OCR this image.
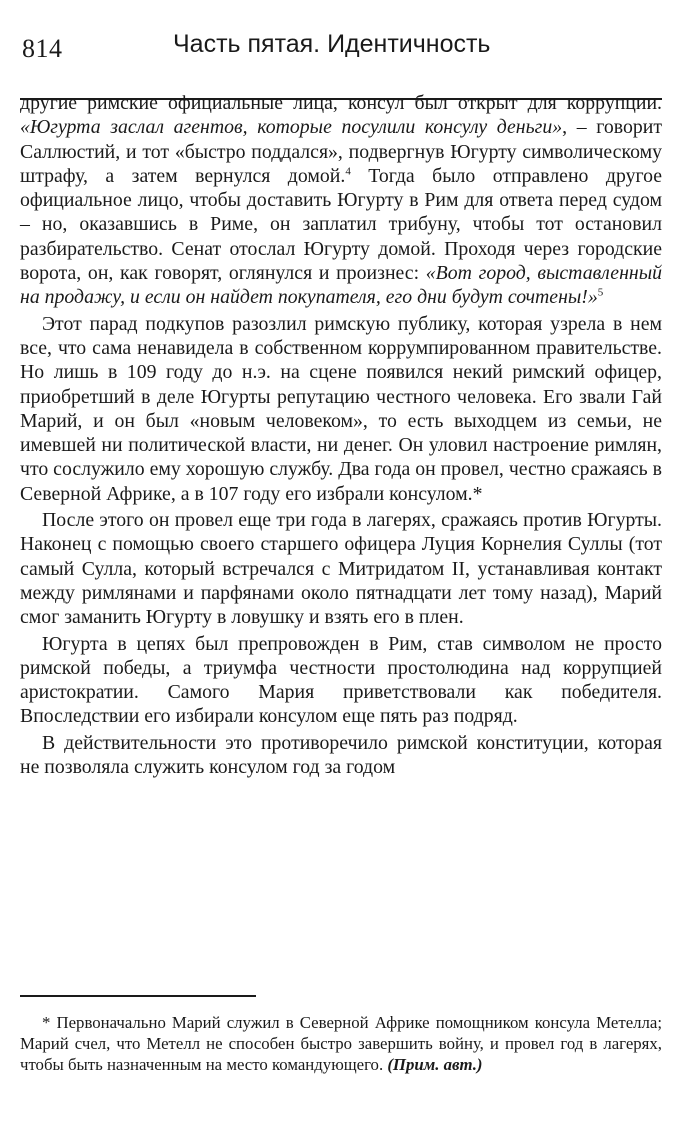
814	Часть пятая. Идентичность

другие римские официальные лица, консул был открыт для коррупции. «Югурта заслал агентов, которые посулили консулу деньги», – говорит Саллюстий, и тот «быстро поддался», подвергнув Югурту символическому штрафу, а затем вернулся домой.$^4$ Тогда было отправлено другое официальное лицо, чтобы доставить Югурту в Рим для ответа перед судом – но, оказавшись в Риме, он заплатил трибуну, чтобы тот остановил разбирательство. Сенат отослал Югурту домой. Проходя через городские ворота, он, как говорят, оглянулся и произнес: «Вот город, выставленный на продажу, и если он найдет покупателя, его дни будут сочтены!»$^5$

Этот парад подкупов разозлил римскую публику, которая узрела в нем все, что сама ненавидела в собственном коррумпированном правительстве. Но лишь в 109 году до н.э. на сцене появился некий римский офицер, приобретший в деле Югурты репутацию честного человека. Его звали Гай Марий, и он был «новым человеком», то есть выходцем из семьи, не имевшей ни политической власти, ни денег. Он уловил настроение римлян, что сослужило ему хорошую службу. Два года он провел, честно сражаясь в Северной Африке, а в 107 году его избрали консулом.*

После этого он провел еще три года в лагерях, сражаясь против Югурты. Наконец с помощью своего старшего офицера Луция Корнелия Суллы (тот самый Сулла, который встречался с Митридатом II, устанавливая контакт между римлянами и парфянами около пятнадцати лет тому назад), Марий смог заманить Югурту в ловушку и взять его в плен.

Югурта в цепях был препровожден в Рим, став символом не просто римской победы, а триумфа честности простолюдина над коррупцией аристократии. Самого Мария приветствовали как победителя. Впоследствии его избирали консулом еще пять раз подряд.

В действительности это противоречило римской конституции, которая не позволяла служить консулом год за годом

* Первоначально Марий служил в Северной Африке помощником консула Метелла; Марий счел, что Метелл не способен быстро завершить войну, и провел год в лагерях, чтобы быть назначенным на место командующего. (Прим. авт.)
